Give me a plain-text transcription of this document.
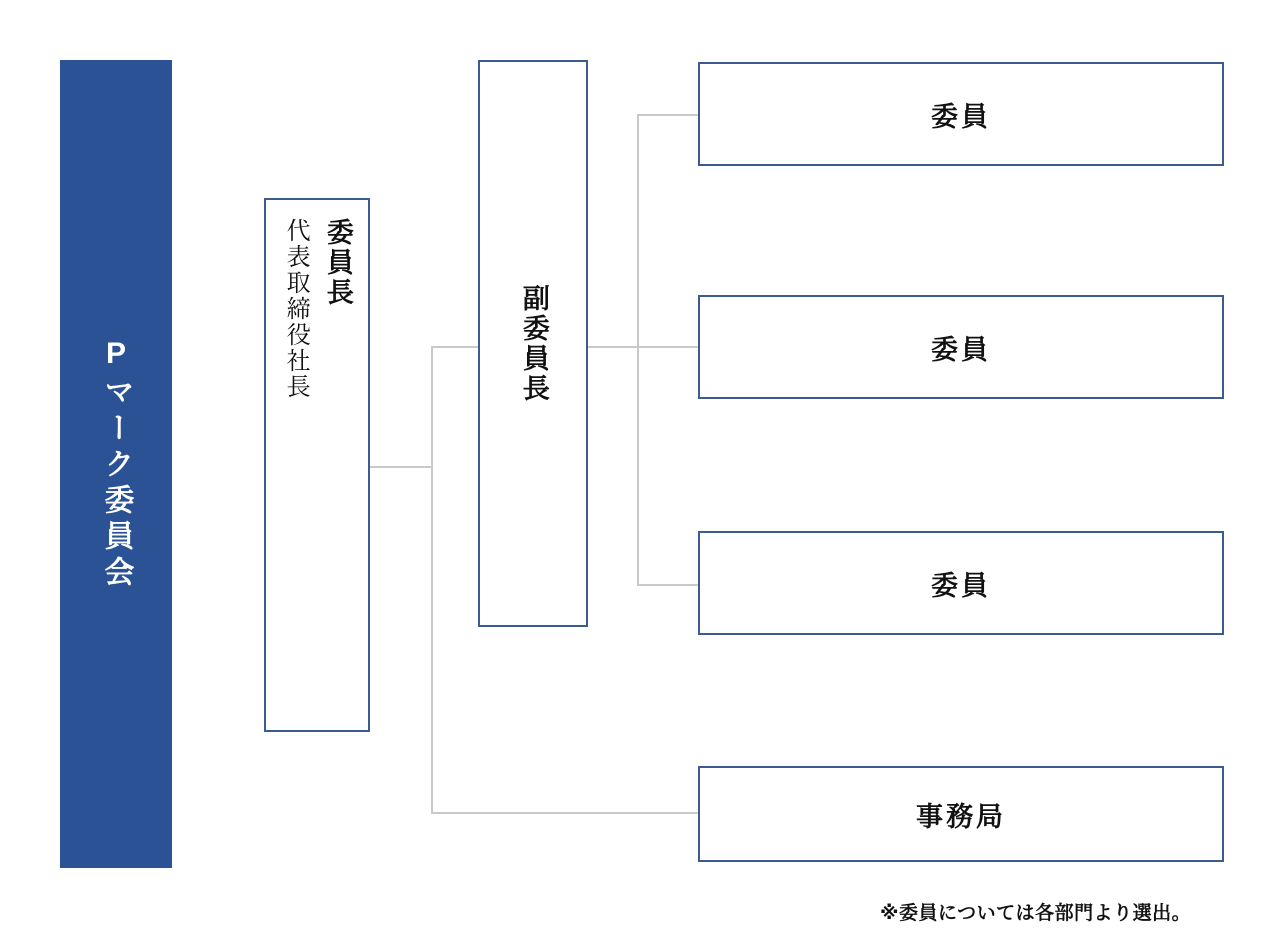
Pマーク委員会
委員長
代表取締役社長	副委員長
委員
委員
委員
事務局
※委員については各部門より選出。
